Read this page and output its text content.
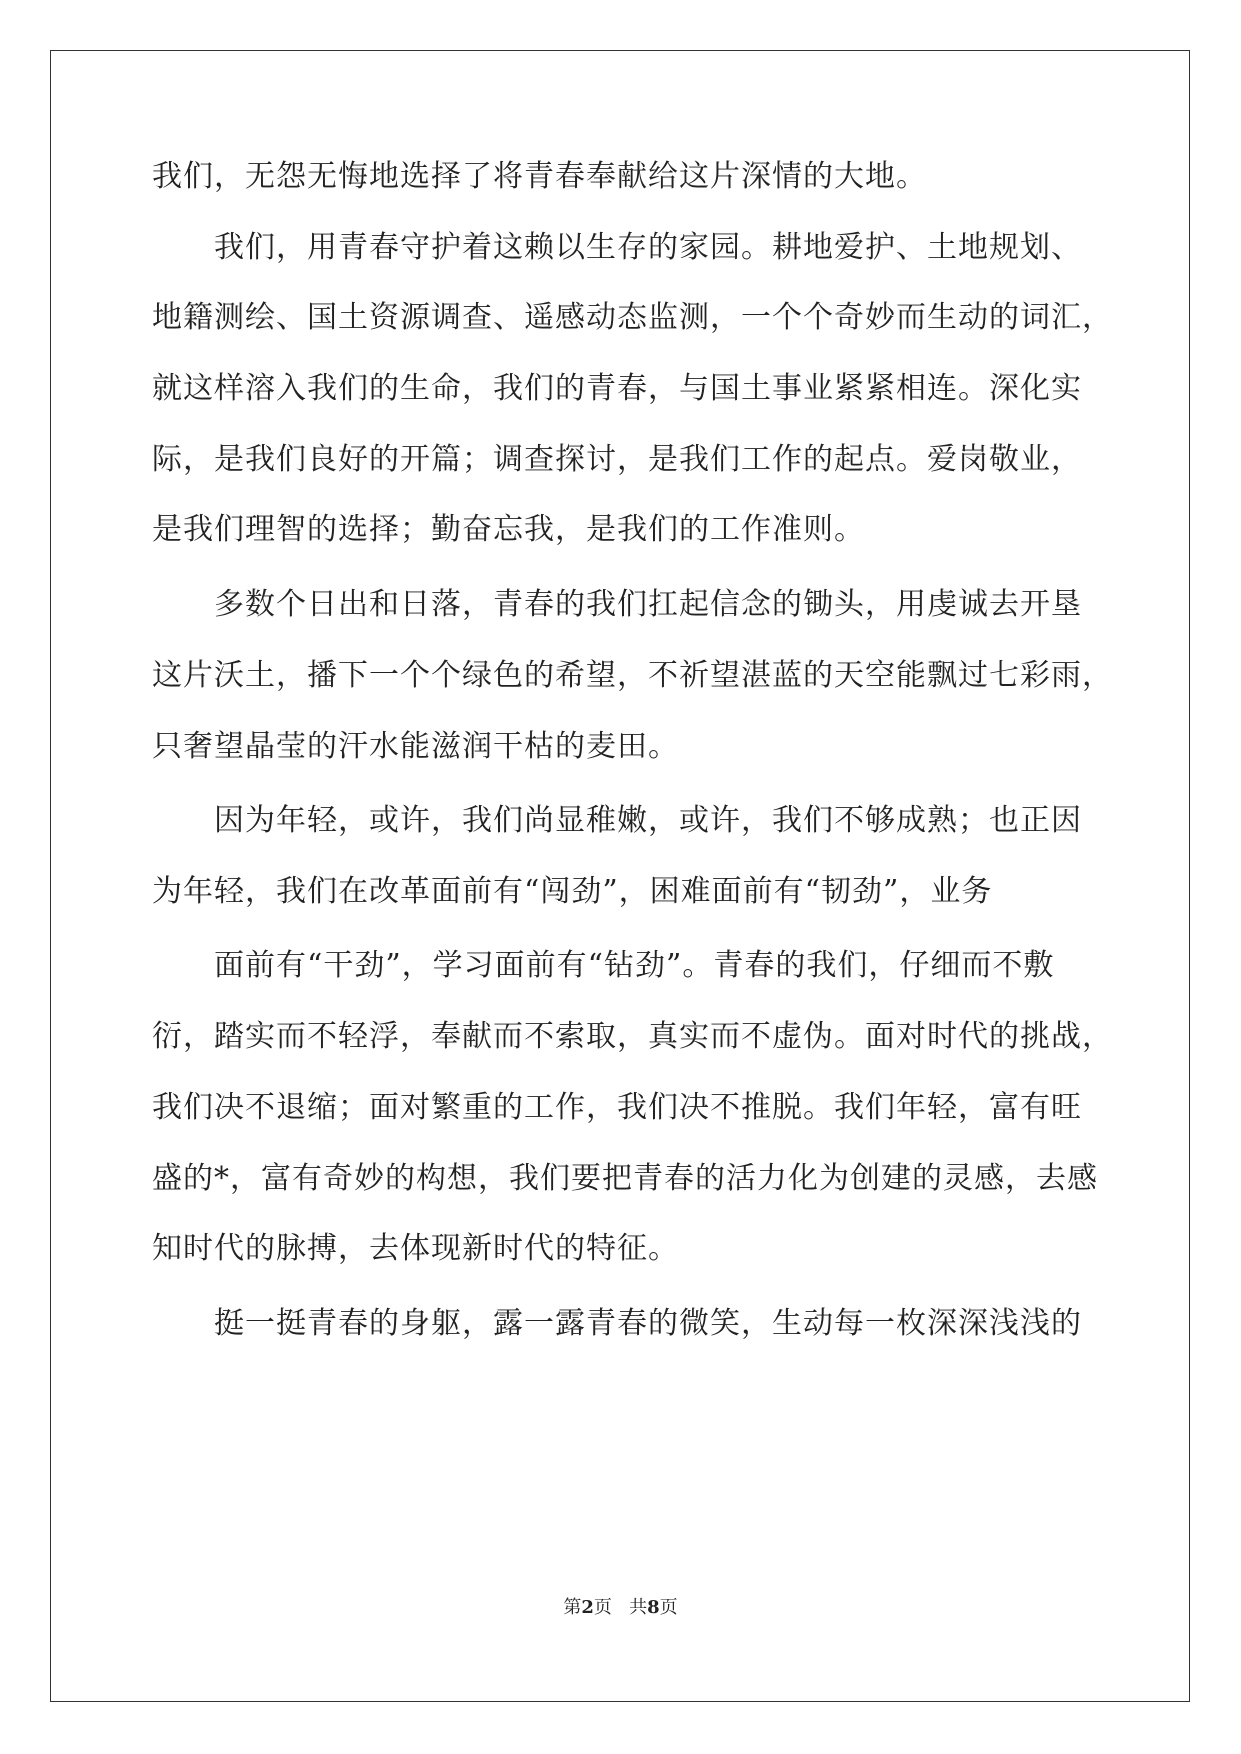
我们，无怨无悔地选择了将青春奉献给这片深情的大地。
我们，用青春守护着这赖以生存的家园。耕地爱护、土地规划、
地籍测绘、国土资源调查、遥感动态监测，一个个奇妙而生动的词汇，
就这样溶入我们的生命，我们的青春，与国土事业紧紧相连。深化实
际，是我们良好的开篇；调查探讨，是我们工作的起点。爱岗敬业，
是我们理智的选择；勤奋忘我，是我们的工作准则。
多数个日出和日落，青春的我们扛起信念的锄头，用虔诚去开垦
这片沃土，播下一个个绿色的希望，不祈望湛蓝的天空能飘过七彩雨，
只奢望晶莹的汗水能滋润干枯的麦田。
因为年轻，或许，我们尚显稚嫩，或许，我们不够成熟；也正因
为年轻，我们在改革面前有“闯劲”，困难面前有“韧劲”，业务
面前有“干劲”，学习面前有“钻劲”。青春的我们，仔细而不敷
衍，踏实而不轻浮，奉献而不索取，真实而不虚伪。面对时代的挑战，
我们决不退缩；面对繁重的工作，我们决不推脱。我们年轻，富有旺
盛的*，富有奇妙的构想，我们要把青春的活力化为创建的灵感，去感
知时代的脉搏，去体现新时代的特征。
挺一挺青春的身躯，露一露青春的微笑，生动每一枚深深浅浅的
第2页   共8页
